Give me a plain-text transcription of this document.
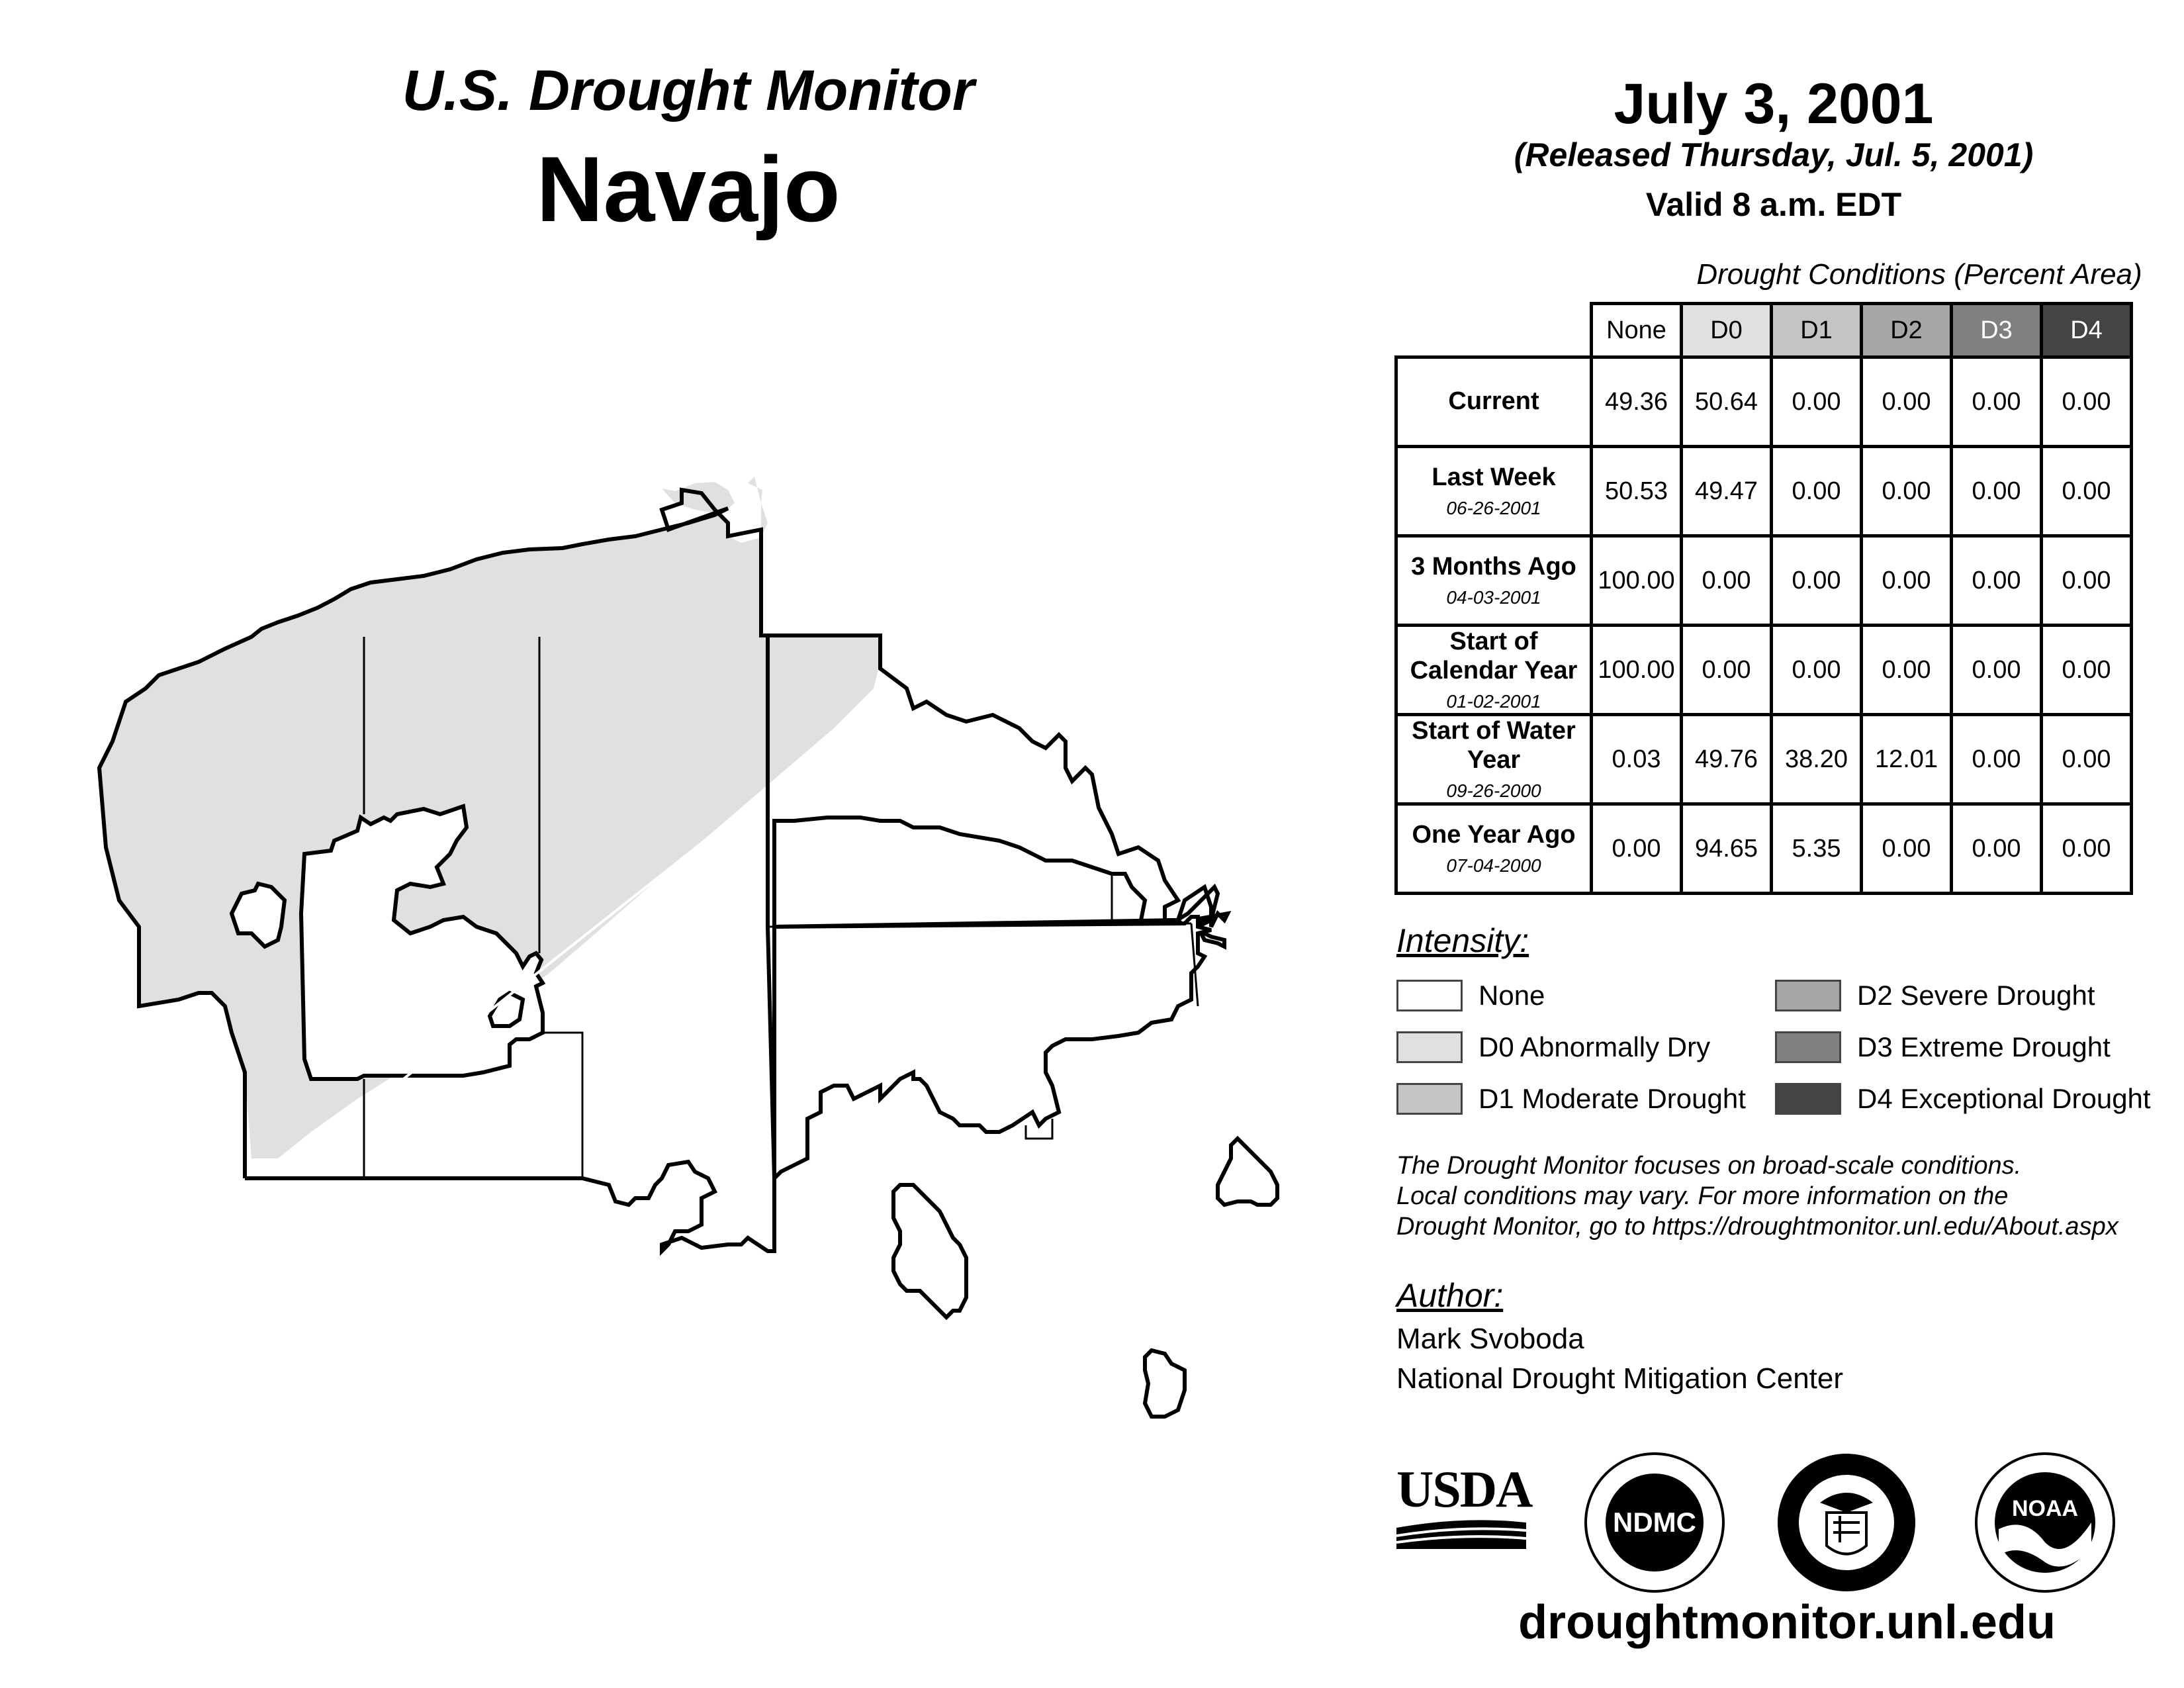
U.S. Drought Monitor
Navajo
July 3, 2001
(Released Thursday, Jul. 5, 2001)
Valid 8 a.m. EDT
Drought Conditions (Percent Area)
	None	D0	D1	D2	D3	D4
Current	49.36	50.64	0.00	0.00	0.00	0.00
Last Week
06-26-2001	50.53	49.47	0.00	0.00	0.00	0.00
3 Months Ago
04-03-2001	100.00	0.00	0.00	0.00	0.00	0.00
Start of Calendar Year
01-02-2001	100.00	0.00	0.00	0.00	0.00	0.00
Start of Water Year
09-26-2000	0.03	49.76	38.20	12.01	0.00	0.00
One Year Ago
07-04-2000	0.00	94.65	5.35	0.00	0.00	0.00
Intensity:
None
D0 Abnormally Dry
D1 Moderate Drought
D2 Severe Drought
D3 Extreme Drought
D4 Exceptional Drought
The Drought Monitor focuses on broad-scale conditions.
Local conditions may vary. For more information on the
Drought Monitor, go to https://droughtmonitor.unl.edu/About.aspx
Author:
Mark Svoboda
National Drought Mitigation Center
USDA
NDMC	NOAA
droughtmonitor.unl.edu
